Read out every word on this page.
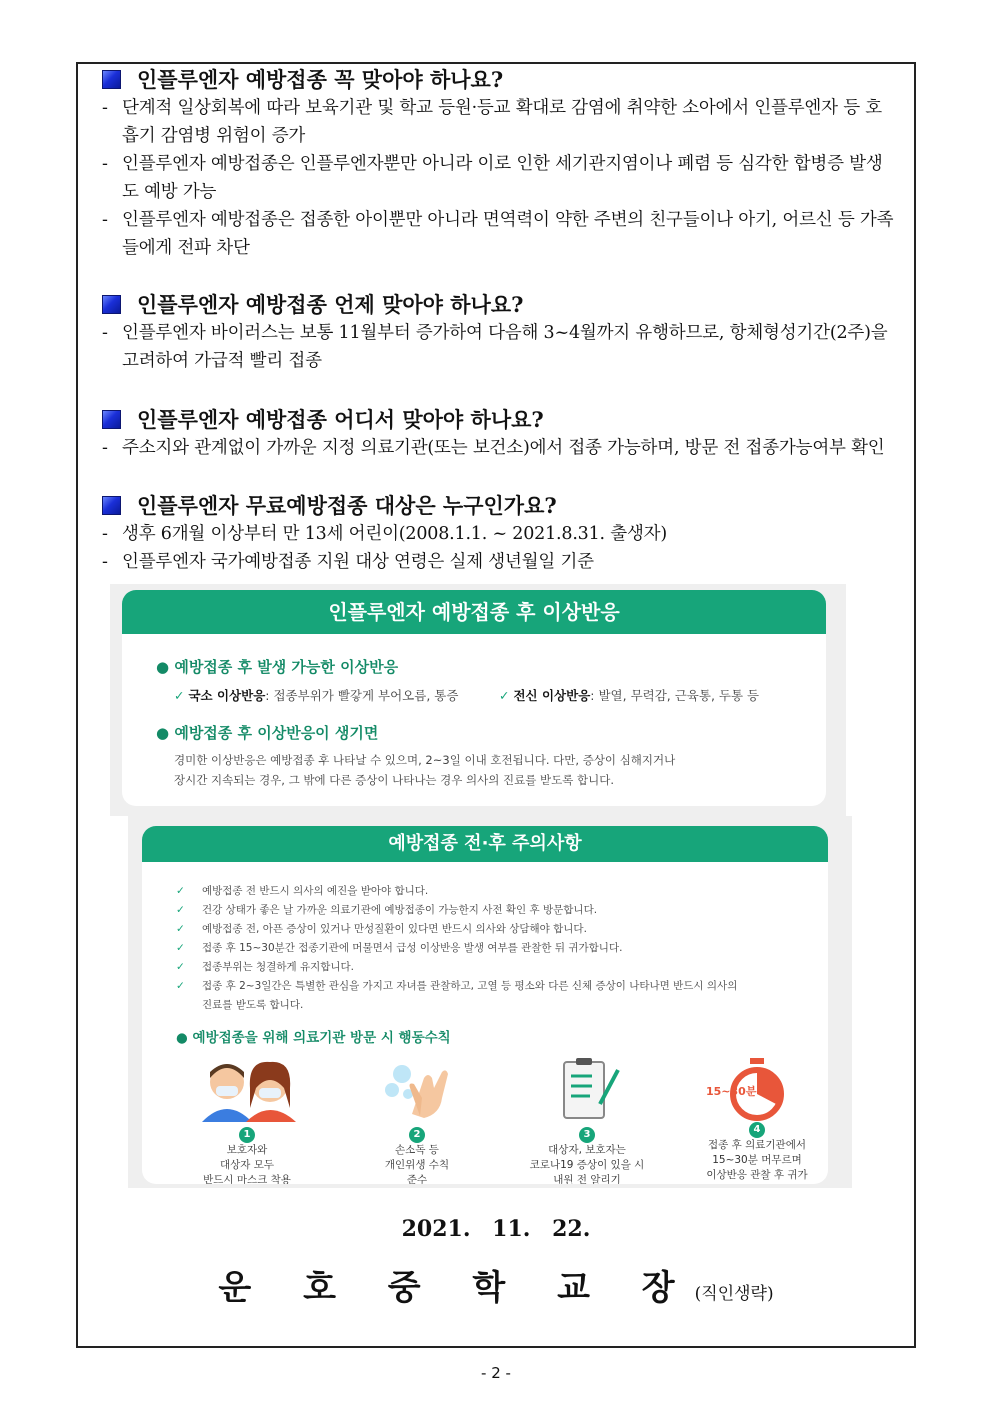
인플루엔자 예방접종 꼭 맞아야 하나요?
- 단계적 일상회복에 따라 보육기관 및 학교 등원·등교 확대로 감염에 취약한 소아에서 인플루엔자 등 호흡기 감염병 위험이 증가
- 인플루엔자 예방접종은 인플루엔자뿐만 아니라 이로 인한 세기관지염이나 폐렴 등 심각한 합병증 발생도 예방 가능
- 인플루엔자 예방접종은 접종한 아이뿐만 아니라 면역력이 약한 주변의 친구들이나 아기, 어르신 등 가족들에게 전파 차단
인플루엔자 예방접종 언제 맞아야 하나요?
- 인플루엔자 바이러스는 보통 11월부터 증가하여 다음해 3~4월까지 유행하므로, 항체형성기간(2주)을 고려하여 가급적 빨리 접종
인플루엔자 예방접종 어디서 맞아야 하나요?
- 주소지와 관계없이 가까운 지정 의료기관(또는 보건소)에서 접종 가능하며, 방문 전 접종가능여부 확인
인플루엔자 무료예방접종 대상은 누구인가요?
- 생후 6개월 이상부터 만 13세 어린이(2008.1.1. ~ 2021.8.31. 출생자)
- 인플루엔자 국가예방접종 지원 대상 연령은 실제 생년월일 기준
인플루엔자 예방접종 후 이상반응
● 예방접종 후 발생 가능한 이상반응
✓ 국소 이상반응: 접종부위가 빨갛게 부어오름, 통증	✓ 전신 이상반응: 발열, 무력감, 근육통, 두통 등
● 예방접종 후 이상반응이 생기면
경미한 이상반응은 예방접종 후 나타날 수 있으며, 2~3일 이내 호전됩니다. 다만, 증상이 심해지거나
장시간 지속되는 경우, 그 밖에 다른 증상이 나타나는 경우 의사의 진료를 받도록 합니다.
예방접종 전·후 주의사항
✓	예방접종 전 반드시 의사의 예진을 받아야 합니다.
✓	건강 상태가 좋은 날 가까운 의료기관에 예방접종이 가능한지 사전 확인 후 방문합니다.
✓	예방접종 전, 아픈 증상이 있거나 만성질환이 있다면 반드시 의사와 상담해야 합니다.
✓	접종 후 15~30분간 접종기관에 머물면서 급성 이상반응 발생 여부를 관찰한 뒤 귀가합니다.
✓	접종부위는 청결하게 유지합니다.
✓	접종 후 2~3일간은 특별한 관심을 가지고 자녀를 관찰하고, 고열 등 평소와 다른 신체 증상이 나타나면 반드시 의사의 진료를 받도록 합니다.
● 예방접종을 위해 의료기관 방문 시 행동수칙
1
보호자와
대상자 모두
반드시 마스크 착용
2
손소독 등
개인위생 수칙
준수
3
대상자, 보호자는
코로나19 증상이 있을 시
내원 전 알리기
15~30분
4
접종 후 의료기관에서
15~30분 머무르며
이상반응 관찰 후 귀가
2021. 11. 22.
운 호 중 학 교 장(직인생략)
- 2 -
